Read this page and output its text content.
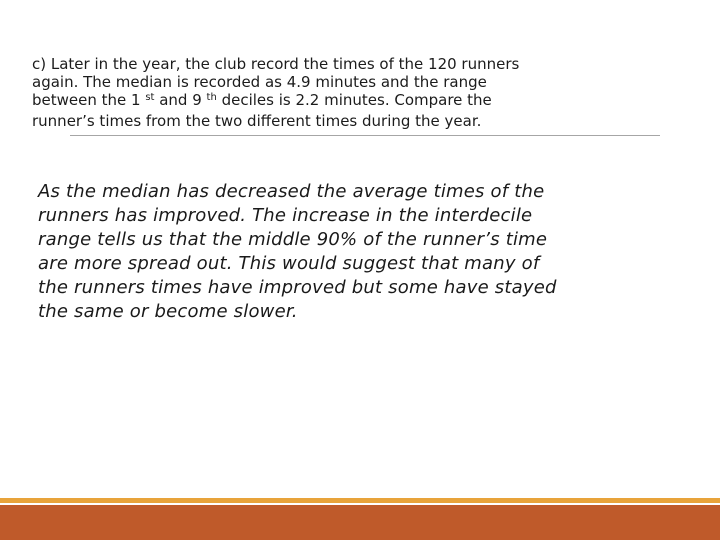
c) Later in the year, the club record the times of the 120 runners

again. The median is recorded as 4.9 minutes and the range

between the 1 $^{st}$ and 9 $^{th}$ deciles is 2.2 minutes. Compare the

runner’s times from the two different times during the year.

As the median has decreased the average times of the

runners has improved. The increase in the interdecile

range tells us that the middle 90% of the runner’s time

are more spread out. This would suggest that many of

the runners times have improved but some have stayed

the same or become slower.
